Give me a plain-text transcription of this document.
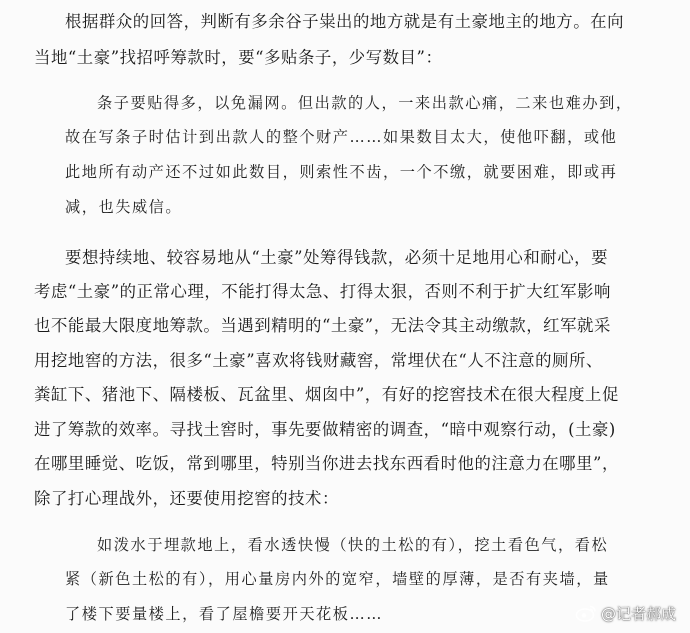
根据群众的回答，判断有多余谷子粜出的地方就是有土豪地主的地方。在向
当地“土豪”找招呼筹款时，要“多贴条子，少写数目”：
条子要贴得多，以免漏网。但出款的人，一来出款心痛，二来也难办到，
故在写条子时估计到出款人的整个财产……如果数目太大，使他吓翻，或他
此地所有动产还不过如此数目，则索性不齿，一个不缴，就要困难，即或再
减，也失威信。
要想持续地、较容易地从“土豪”处筹得钱款，必须十足地用心和耐心，要
考虑“土豪”的正常心理，不能打得太急、打得太狠，否则不利于扩大红军影响
也不能最大限度地筹款。当遇到精明的“土豪”，无法令其主动缴款，红军就采
用挖地窖的方法，很多“土豪”喜欢将钱财藏窖，常埋伏在“人不注意的厕所、
粪缸下、猪池下、隔楼板、瓦盆里、烟囱中”，有好的挖窖技术在很大程度上促
进了筹款的效率。寻找土窖时，事先要做精密的调查，“暗中观察行动，(土豪)
在哪里睡觉、吃饭，常到哪里，特别当你进去找东西看时他的注意力在哪里”，
除了打心理战外，还要使用挖窖的技术：
如泼水于埋款地上，看水透快慢（快的土松的有），挖土看色气，看松
紧（新色土松的有），用心量房内外的宽窄，墙壁的厚薄，是否有夹墙，量
了楼下要量楼上，看了屋檐要开天花板……	@记者郝成
